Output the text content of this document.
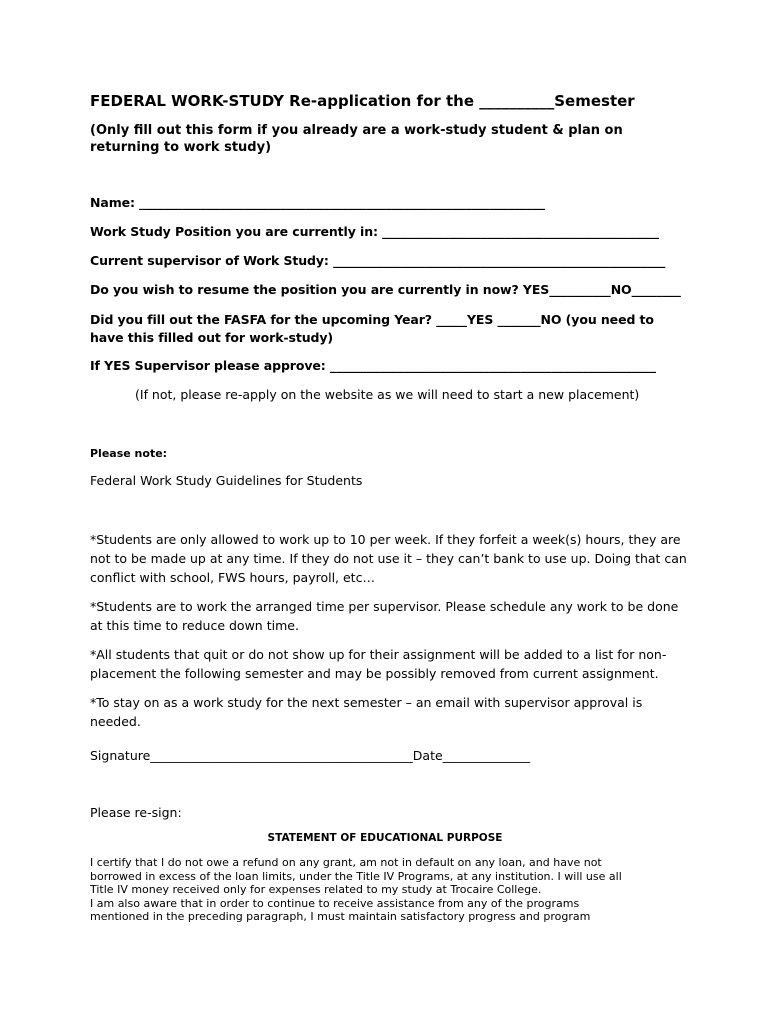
FEDERAL WORK-STUDY Re-application for the __________Semester
(Only fill out this form if you already are a work-study student & plan on returning to work study)
Name: __________________________________________________________________
Work Study Position you are currently in: _____________________________________________
Current supervisor of Work Study: ______________________________________________________
Do you wish to resume the position you are currently in now? YES__________NO________
Did you fill out the FASFA for the upcoming Year? _____YES _______NO (you need to have this filled out for work-study)
If YES Supervisor please approve: _____________________________________________________
(If not, please re-apply on the website as we will need to start a new placement)
Please note:
Federal Work Study Guidelines for Students
*Students are only allowed to work up to 10 per week. If they forfeit a week(s) hours, they are not to be made up at any time. If they do not use it – they can’t bank to use up. Doing that can conflict with school, FWS hours, payroll, etc…
*Students are to work the arranged time per supervisor. Please schedule any work to be done at this time to reduce down time.
*All students that quit or do not show up for their assignment will be added to a list for non-placement the following semester and may be possibly removed from current assignment.
*To stay on as a work study for the next semester – an email with supervisor approval is needed.
Signature__________________________________________Date______________
Please re-sign:
STATEMENT OF EDUCATIONAL PURPOSE
I certify that I do not owe a refund on any grant, am not in default on any loan, and have not
borrowed in excess of the loan limits, under the Title IV Programs, at any institution. I will use all
Title IV money received only for expenses related to my study at Trocaire College.
I am also aware that in order to continue to receive assistance from any of the programs
mentioned in the preceding paragraph, I must maintain satisfactory progress and program
